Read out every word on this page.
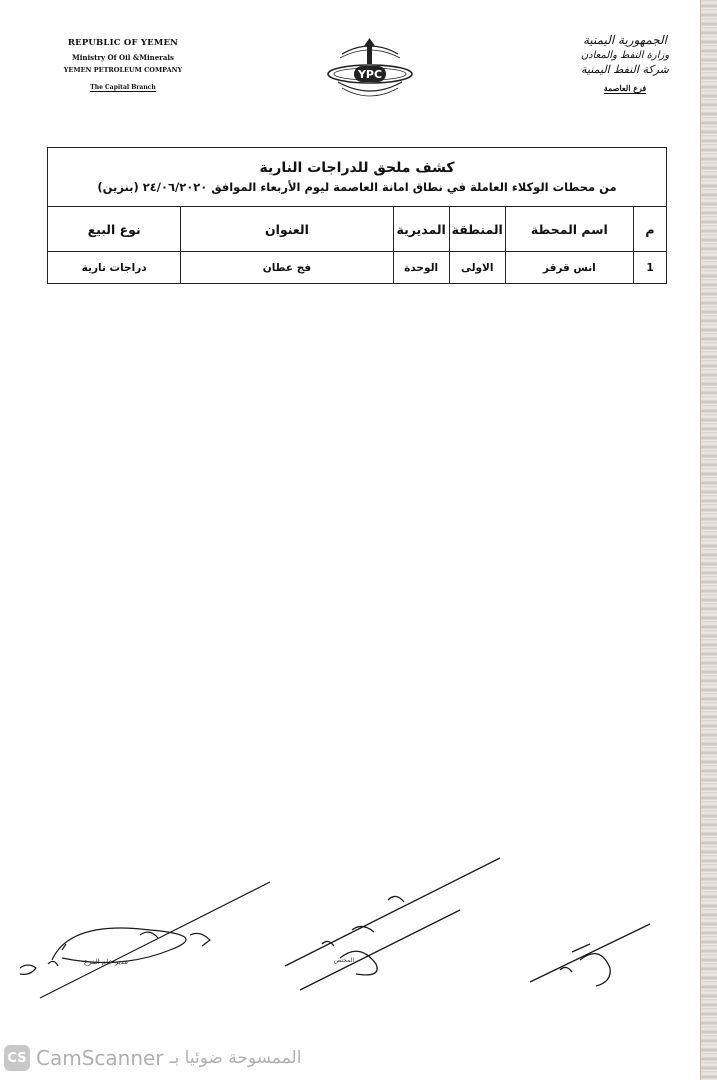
REPUBLIC OF YEMEN
Ministry Of Oil &Minerals
YEMEN PETROLEUM COMPANY
The Capital Branch
YPC
الجمهورية اليمنية
وزارة النفط والمعادن
شركة النفط اليمنية
فرع العاصمة
كشف ملحق للدراجات النارية
من محطات الوكلاء العاملة في نطاق امانة العاصمة ليوم الأربعاء الموافق ٢٤/٠٦/٢٠٢٠ (بنزين)					

م	اسم المحطة	المنطقة	المديرية	العنوان	نوع البيع
1	انس قرقر	الاولى	الوحدة	فج عطان	دراجات نارية
مدير عام الفرع	المختص
CS CamScanner الممسوحة ضوئيا بـ
